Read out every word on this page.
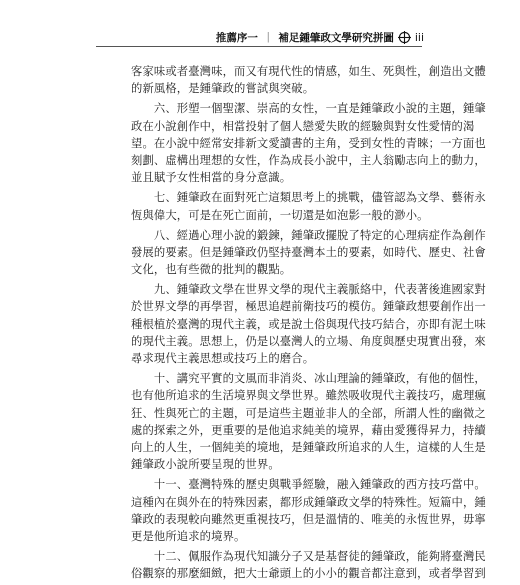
推薦序一 ｜ 補足鍾肇政文學研究拼圖 iii
客家味或者臺灣味，而又有現代性的情感，如生、死與性，創造出文體
的新風格，是鍾肇政的嘗試與突破。
　　六、形塑一個聖潔、崇高的女性，一直是鍾肇政小說的主題，鍾肇
政在小說創作中，相當投射了個人戀愛失敗的經驗與對女性愛情的渴
望。在小說中經常安排新文愛讀書的主角，受到女性的青睞；一方面也
刻劃、虛構出理想的女性，作為成長小說中，主人翁勵志向上的動力，
並且賦予女性相當的身分意識。
　　七、鍾肇政在面對死亡這類思考上的挑戰，儘管認為文學、藝術永
恆與偉大，可是在死亡面前，一切還是如泡影一般的渺小。
　　八、經過心理小說的鍛鍊，鍾肇政擺脫了特定的心理病症作為創作
發展的要素。但是鍾肇政仍堅持臺灣本土的要素，如時代、歷史、社會
文化，也有些微的批判的觀點。
　　九、鍾肇政文學在世界文學的現代主義脈絡中，代表著後進國家對
於世界文學的再學習，極思追趕前衛技巧的模仿。鍾肇政想要創作出一
種根植於臺灣的現代主義，或是說土俗與現代技巧結合，亦即有泥土味
的現代主義。思想上，仍是以臺灣人的立場、角度與歷史現實出發，來
尋求現代主義思想或技巧上的磨合。
　　十、講究平實的文風而非消炎、冰山理論的鍾肇政，有他的個性，
也有他所追求的生活境界與文學世界。雖然吸收現代主義技巧，處理瘋
狂、性與死亡的主題，可是這些主題並非人的全部，所謂人性的幽微之
處的探索之外，更重要的是他追求純美的境界，藉由愛獲得昇力，持續
向上的人生，一個純美的境地，是鍾肇政所追求的人生，這樣的人生是
鍾肇政小說所要呈現的世界。
　　十一、臺灣特殊的歷史與戰爭經驗，融入鍾肇政的西方技巧當中。
這種內在與外在的特殊因素，都形成鍾肇政文學的特殊性。短篇中，鍾
肇政的表現較向雖然更重視技巧，但是溫情的、唯美的永恆世界，毋寧
更是他所追求的境界。
　　十二、佩服作為現代知識分子又是基督徒的鍾肇政，能夠將臺灣民
俗觀察的那麼細緻，把大士爺頭上的小小的觀音都注意到，或者學習到
